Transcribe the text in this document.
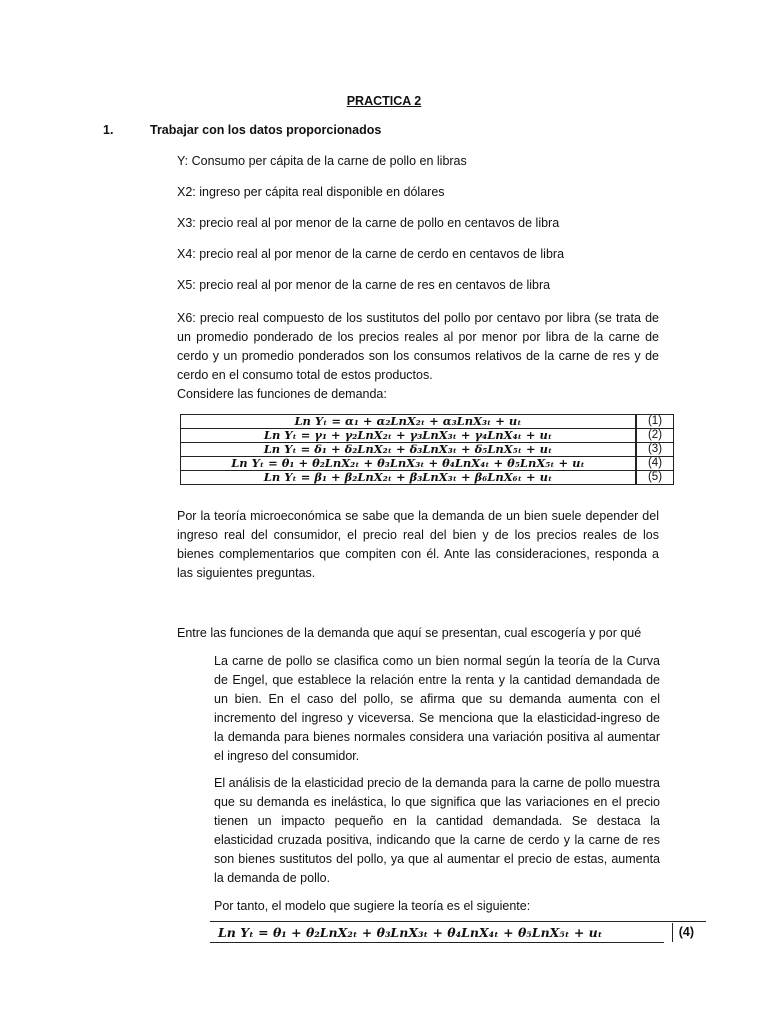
PRACTICA 2
1.	Trabajar con los datos proporcionados
Y: Consumo per cápita de la carne de pollo en libras
X2: ingreso per cápita real disponible en dólares
X3: precio real al por menor de la carne de pollo en centavos de libra
X4: precio real al por menor de la carne de cerdo en centavos de libra
X5: precio real al por menor de la carne de res en centavos de libra
X6: precio real compuesto de los sustitutos del pollo por centavo por libra (se trata de un promedio ponderado de los precios reales al por menor por libra de la carne de cerdo y un promedio ponderados son los consumos relativos de la carne de res y de cerdo en el consumo total de estos productos.
Considere las funciones de demanda:
Ln Yₜ = α₁ + α₂LnX₂ₜ + α₃LnX₃ₜ + uₜ	(1)
Ln Yₜ = γ₁ + γ₂LnX₂ₜ + γ₃LnX₃ₜ + γ₄LnX₄ₜ + uₜ	(2)
Ln Yₜ = δ₁ + δ₂LnX₂ₜ + δ₃LnX₃ₜ + δ₅LnX₅ₜ + uₜ	(3)
Ln Yₜ = θ₁ + θ₂LnX₂ₜ + θ₃LnX₃ₜ + θ₄LnX₄ₜ + θ₅LnX₅ₜ + uₜ	(4)
Ln Yₜ = β₁ + β₂LnX₂ₜ + β₃LnX₃ₜ + β₆LnX₆ₜ + uₜ	(5)
Por la teoría microeconómica se sabe que la demanda de un bien suele depender del ingreso real del consumidor, el precio real del bien y de los precios reales de los bienes complementarios que compiten con él. Ante las consideraciones, responda a las siguientes preguntas.
Entre las funciones de la demanda que aquí se presentan, cual escogería y por qué
La carne de pollo se clasifica como un bien normal según la teoría de la Curva de Engel, que establece la relación entre la renta y la cantidad demandada de un bien. En el caso del pollo, se afirma que su demanda aumenta con el incremento del ingreso y viceversa. Se menciona que la elasticidad-ingreso de la demanda para bienes normales considera una variación positiva al aumentar el ingreso del consumidor.
El análisis de la elasticidad precio de la demanda para la carne de pollo muestra que su demanda es inelástica, lo que significa que las variaciones en el precio tienen un impacto pequeño en la cantidad demandada. Se destaca la elasticidad cruzada positiva, indicando que la carne de cerdo y la carne de res son bienes sustitutos del pollo, ya que al aumentar el precio de estas, aumenta la demanda de pollo.
Por tanto, el modelo que sugiere la teoría es el siguiente:
Ln Yₜ = θ₁ + θ₂LnX₂ₜ + θ₃LnX₃ₜ + θ₄LnX₄ₜ + θ₅LnX₅ₜ + uₜ	(4)
